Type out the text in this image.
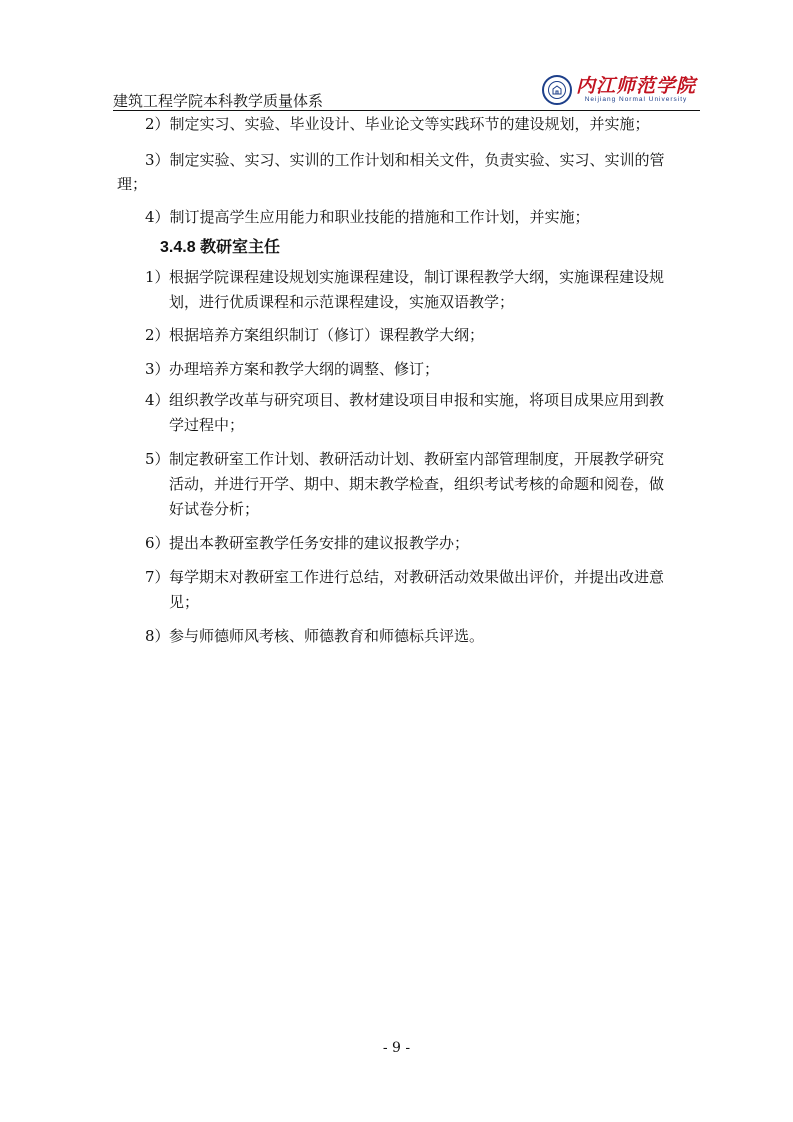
建筑工程学院本科教学质量体系
内江师范学院
Neijiang Normal University
2）制定实习、实验、毕业设计、毕业论文等实践环节的建设规划，并实施；
3）制定实验、实习、实训的工作计划和相关文件，负责实验、实习、实训的管
理；
4）制订提高学生应用能力和职业技能的措施和工作计划，并实施；
3.4.8 教研室主任
1） 根据学院课程建设规划实施课程建设，制订课程教学大纲，实施课程建设规
划，进行优质课程和示范课程建设，实施双语教学；
2） 根据培养方案组织制订（修订）课程教学大纲；
3） 办理培养方案和教学大纲的调整、修订；
4） 组织教学改革与研究项目、教材建设项目申报和实施，将项目成果应用到教
学过程中；
5） 制定教研室工作计划、教研活动计划、教研室内部管理制度，开展教学研究
活动，并进行开学、期中、期末教学检查，组织考试考核的命题和阅卷，做
好试卷分析；
6） 提出本教研室教学任务安排的建议报教学办；
7） 每学期末对教研室工作进行总结，对教研活动效果做出评价，并提出改进意
见；
8） 参与师德师风考核、师德教育和师德标兵评选。
- 9 -
